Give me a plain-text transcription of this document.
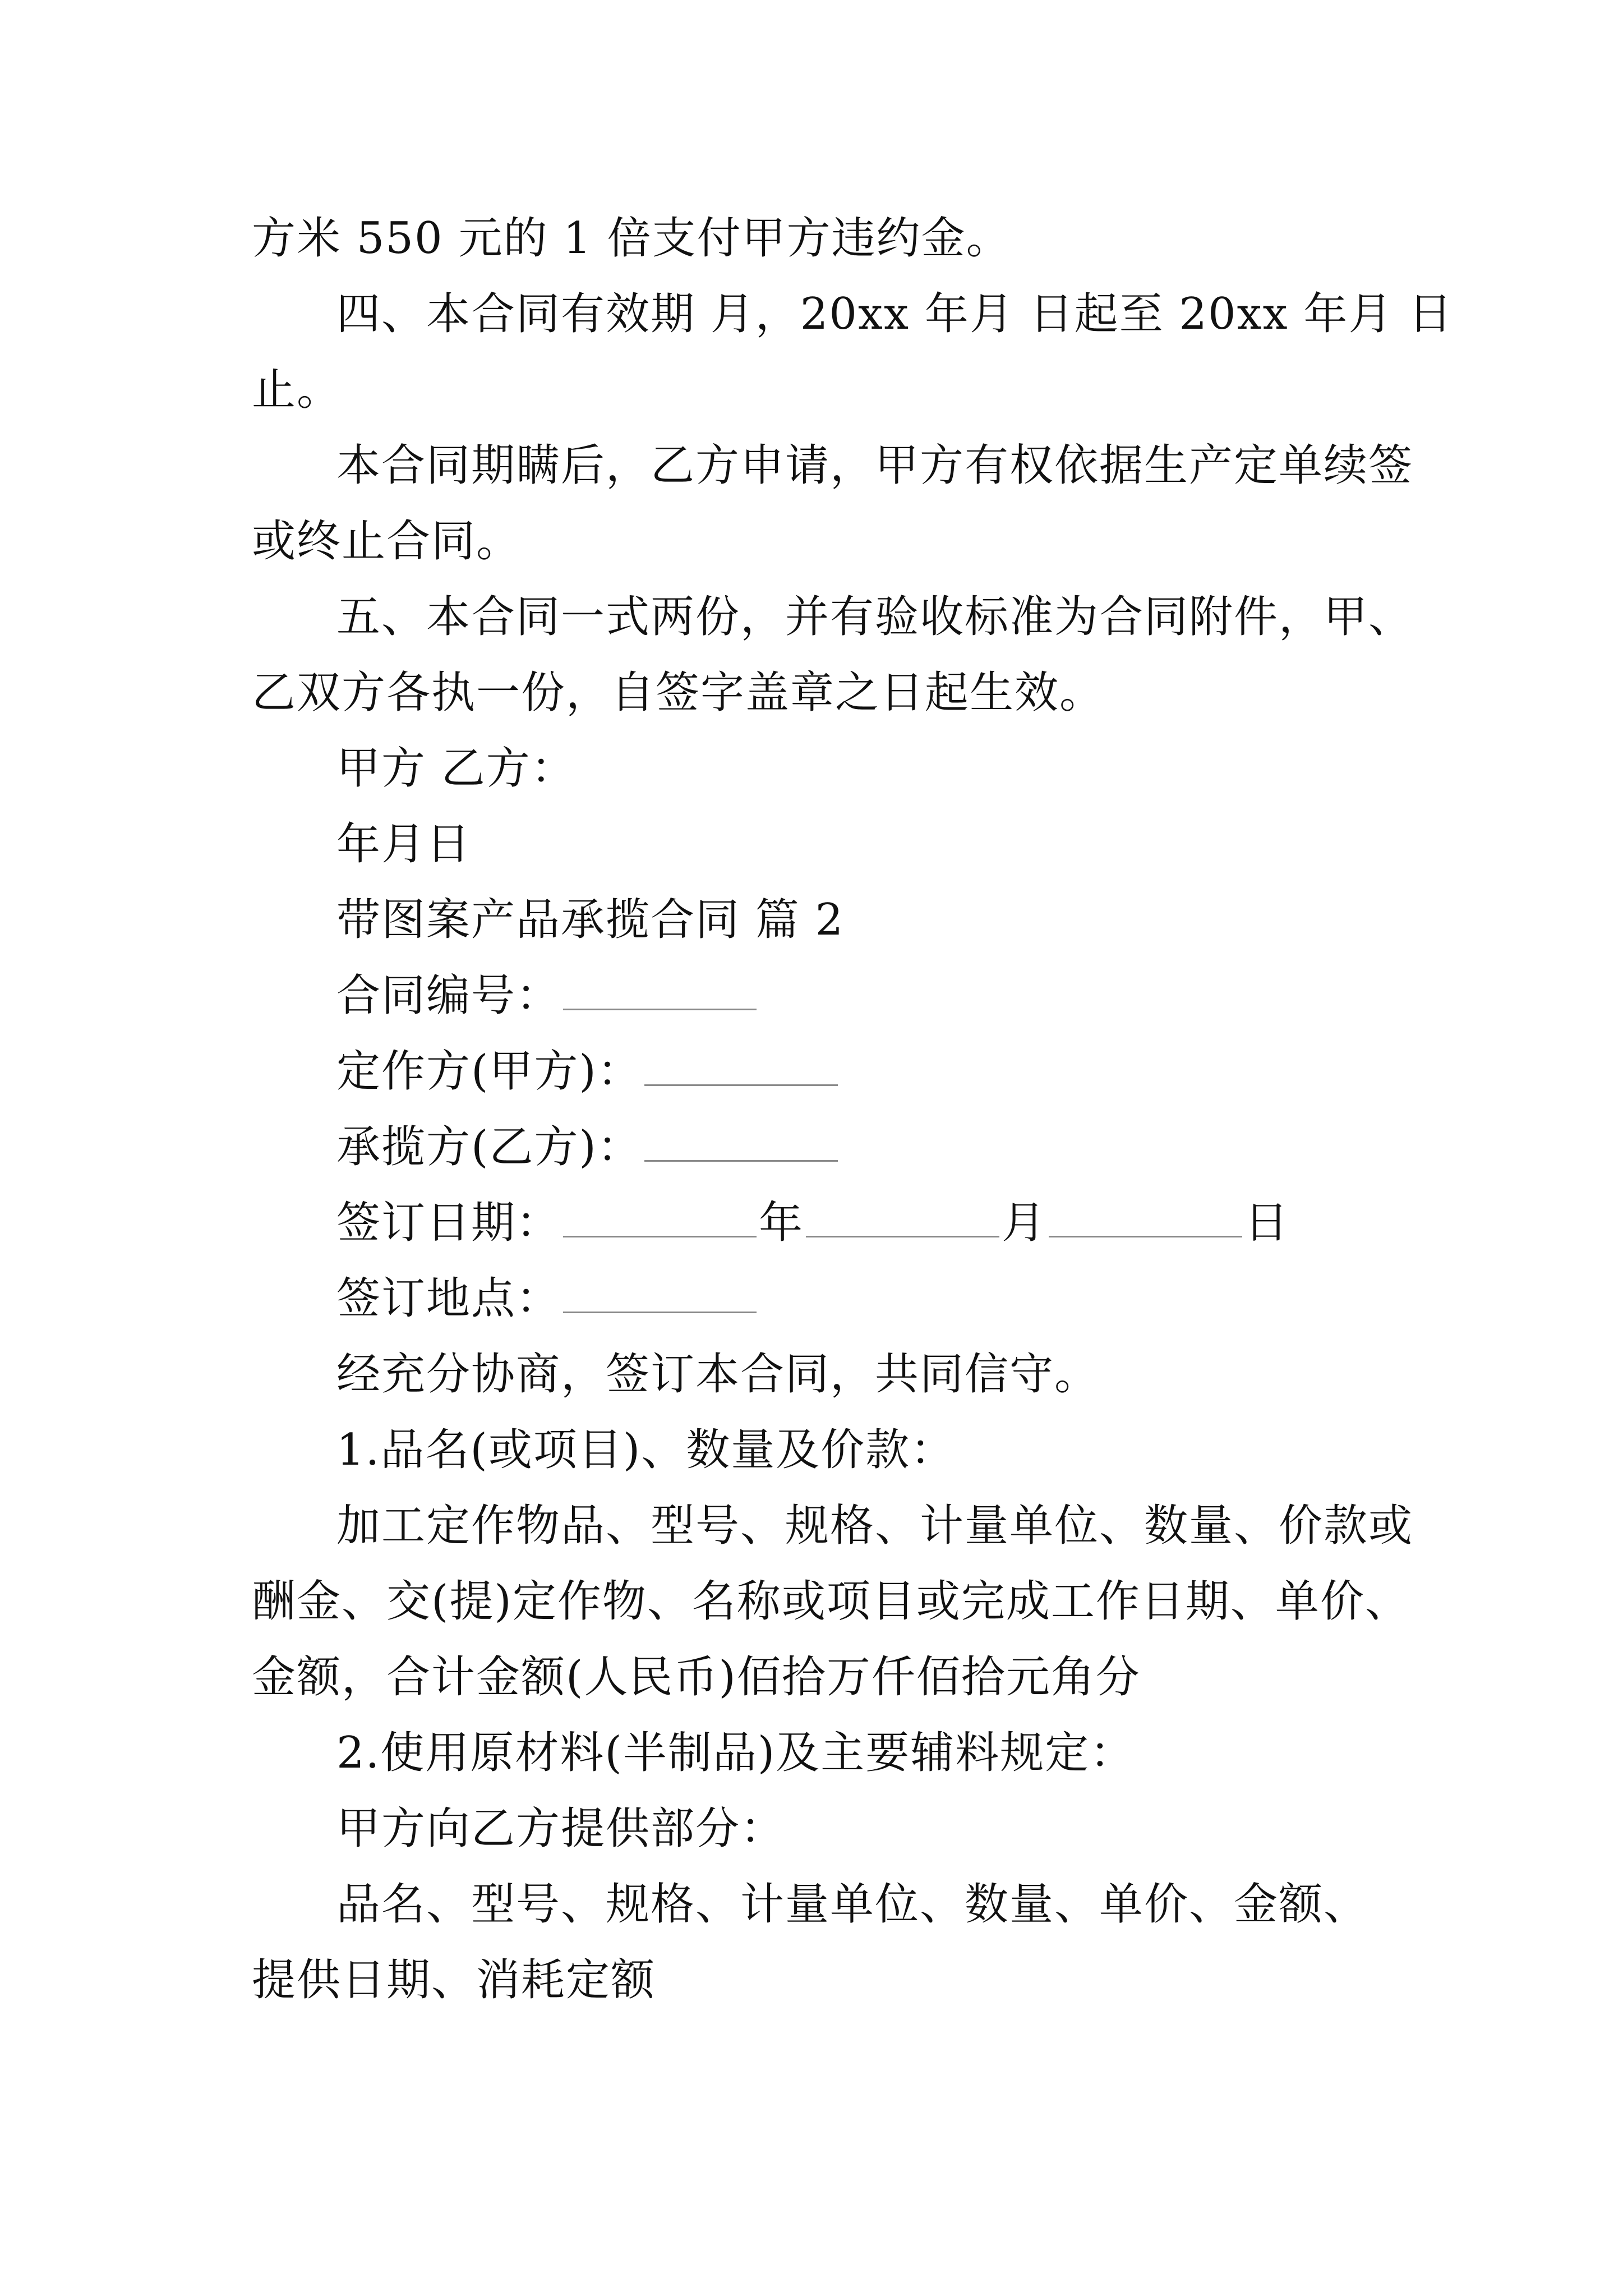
方米 550 元的 1 倍支付甲方违约金。
四、本合同有效期 月，20xx 年月 日起至 20xx 年月 日
止。
本合同期瞒后，乙方申请，甲方有权依据生产定单续签
或终止合同。
五、本合同一式两份，并有验收标准为合同附件，甲、
乙双方各执一份，自签字盖章之日起生效。
甲方 乙方：
年月日
带图案产品承揽合同 篇 2
合同编号：
定作方(甲方)：
承揽方(乙方)：
签订日期：	年	月	日
签订地点：
经充分协商，签订本合同，共同信守。
1.品名(或项目)、数量及价款：
加工定作物品、型号、规格、计量单位、数量、价款或
酬金、交(提)定作物、名称或项目或完成工作日期、单价、
金额，合计金额(人民币)佰拾万仟佰拾元角分
2.使用原材料(半制品)及主要辅料规定：
甲方向乙方提供部分：
品名、型号、规格、计量单位、数量、单价、金额、
提供日期、消耗定额
